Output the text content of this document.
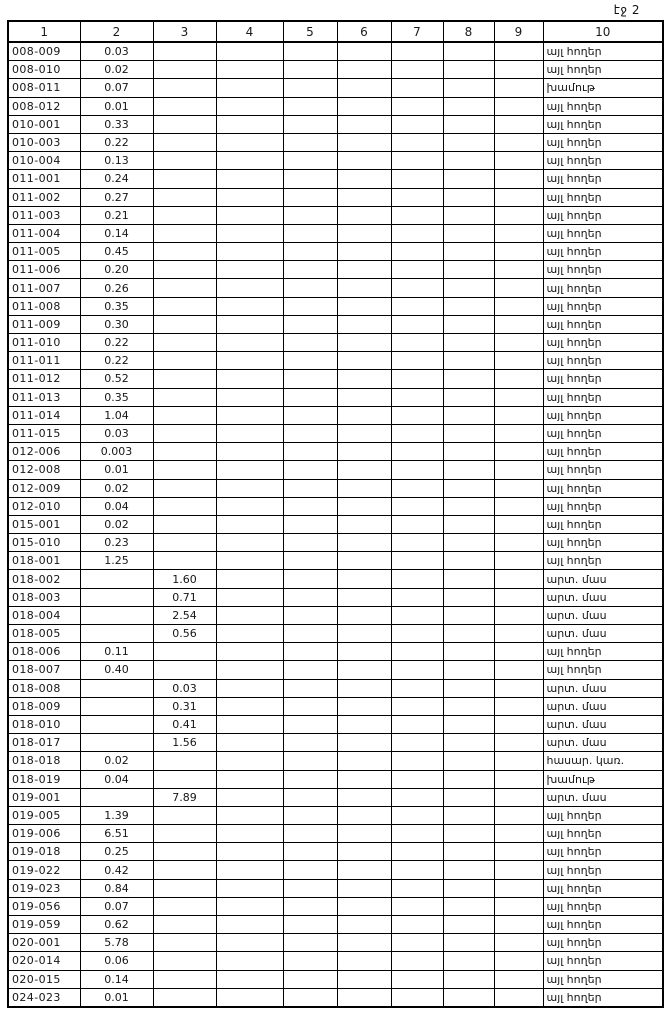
էջ 2
1	2	3	4	5	6	7	8	9	10
008-009	0.03								այլ հողեր
008-010	0.02								այլ հողեր
008-011	0.07								խամութ
008-012	0.01								այլ հողեր
010-001	0.33								այլ հողեր
010-003	0.22								այլ հողեր
010-004	0.13								այլ հողեր
011-001	0.24								այլ հողեր
011-002	0.27								այլ հողեր
011-003	0.21								այլ հողեր
011-004	0.14								այլ հողեր
011-005	0.45								այլ հողեր
011-006	0.20								այլ հողեր
011-007	0.26								այլ հողեր
011-008	0.35								այլ հողեր
011-009	0.30								այլ հողեր
011-010	0.22								այլ հողեր
011-011	0.22								այլ հողեր
011-012	0.52								այլ հողեր
011-013	0.35								այլ հողեր
011-014	1.04								այլ հողեր
011-015	0.03								այլ հողեր
012-006	0.003								այլ հողեր
012-008	0.01								այլ հողեր
012-009	0.02								այլ հողեր
012-010	0.04								այլ հողեր
015-001	0.02								այլ հողեր
015-010	0.23								այլ հողեր
018-001	1.25								այլ հողեր
018-002		1.60							արտ. մաս
018-003		0.71							արտ. մաս
018-004		2.54							արտ. մաս
018-005		0.56							արտ. մաս
018-006	0.11								այլ հողեր
018-007	0.40								այլ հողեր
018-008		0.03							արտ. մաս
018-009		0.31							արտ. մաս
018-010		0.41							արտ. մաս
018-017		1.56							արտ. մաս
018-018	0.02								հասար. կառ.
018-019	0.04								խամութ
019-001		7.89							արտ. մաս
019-005	1.39								այլ հողեր
019-006	6.51								այլ հողեր
019-018	0.25								այլ հողեր
019-022	0.42								այլ հողեր
019-023	0.84								այլ հողեր
019-056	0.07								այլ հողեր
019-059	0.62								այլ հողեր
020-001	5.78								այլ հողեր
020-014	0.06								այլ հողեր
020-015	0.14								այլ հողեր
024-023	0.01								այլ հողեր
